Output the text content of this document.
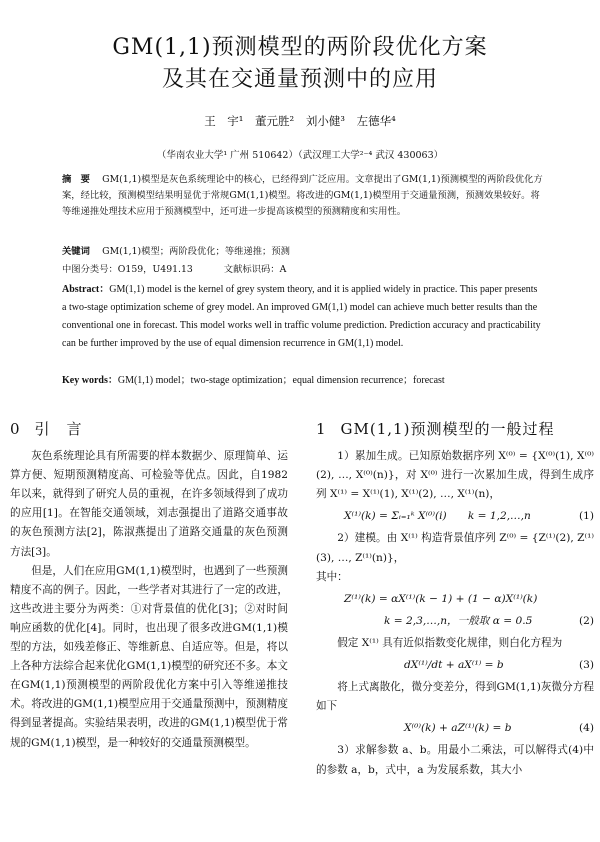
GM(1,1)预测模型的两阶段优化方案
及其在交通量预测中的应用
王　宇¹ 董元胜² 刘小健³ 左德华⁴
（华南农业大学¹ 广州 510642）（武汉理工大学²⁻⁴ 武汉 430063）
摘　要　 GM(1,1)模型是灰色系统理论中的核心，已经得到广泛应用。文章提出了GM(1,1)预测模型的两阶段优化方案，经比较，预测模型结果明显优于常规GM(1,1)模型。将改进的GM(1,1)模型用于交通量预测，预测效果较好。将等维递推处理技术应用于预测模型中，还可进一步提高该模型的预测精度和实用性。
关键词　 GM(1,1)模型；两阶段优化；等维递推；预测
中图分类号：O159，U491.13	文献标识码：A
Abstract：GM(1,1) model is the kernel of grey system theory, and it is applied widely in practice. This paper presents a two-stage optimization scheme of grey model. An improved GM(1,1) model can achieve much better results than the conventional one in forecast. This model works well in traffic volume prediction. Prediction accuracy and practicability can be further improved by the use of equal dimension recurrence in GM(1,1) model.
Key words：GM(1,1) model；two-stage optimization；equal dimension recurrence；forecast
0 引　言

灰色系统理论具有所需要的样本数据少、原理简单、运算方便、短期预测精度高、可检验等优点。因此，自1982年以来，就得到了研究人员的重视，在许多领域得到了成功的应用[1]。在智能交通领域，刘志强提出了道路交通事故的灰色预测方法[2]，陈淑燕提出了道路交通量的灰色预测方法[3]。

但是，人们在应用GM(1,1)模型时，也遇到了一些预测精度不高的例子。因此，一些学者对其进行了一定的改进，这些改进主要分为两类：①对背景值的优化[3]；②对时间响应函数的优化[4]。同时，也出现了很多改进GM(1,1)模型的方法，如残差修正、等维新息、自适应等。但是，将以上各种方法综合起来优化GM(1,1)模型的研究还不多。本文在GM(1,1)预测模型的两阶段优化方案中引入等维递推技术。将改进的GM(1,1)模型应用于交通量预测中，预测精度得到显著提高。实验结果表明，改进的GM(1,1)模型优于常规的GM(1,1)模型，是一种较好的交通量预测模型。

1 GM(1,1)预测模型的一般过程

1）累加生成。已知原始数据序列 X⁽⁰⁾ = {X⁽⁰⁾(1), X⁽⁰⁾(2), …, X⁽⁰⁾(n)}，对 X⁽⁰⁾ 进行一次累加生成，得到生成序列 X⁽¹⁾ = X⁽¹⁾(1), X⁽¹⁾(2), …, X⁽¹⁾(n)，

X⁽¹⁾(k) = Σᵢ₌₁ᵏ X⁽⁰⁾(i)　　k = 1,2,…,n	(1)

2）建模。由 X⁽¹⁾ 构造背景值序列 Z⁽⁰⁾ = {Z⁽¹⁾(2), Z⁽¹⁾(3), …, Z⁽¹⁾(n)}，

其中：

Z⁽¹⁾(k) = αX⁽¹⁾(k − 1) + (1 − α)X⁽¹⁾(k)
k = 2,3,…,n，一般取 α = 0.5	(2)

假定 X⁽¹⁾ 具有近似指数变化规律，则白化方程为

dX⁽¹⁾/dt + aX⁽¹⁾ = b	(3)

将上式离散化，微分变差分，得到GM(1,1)灰微分方程如下

X⁽⁰⁾(k) + aZ⁽¹⁾(k) = b	(4)

3）求解参数 a、b。用最小二乘法，可以解得式(4)中的参数 a，b，式中，a 为发展系数，其大小
